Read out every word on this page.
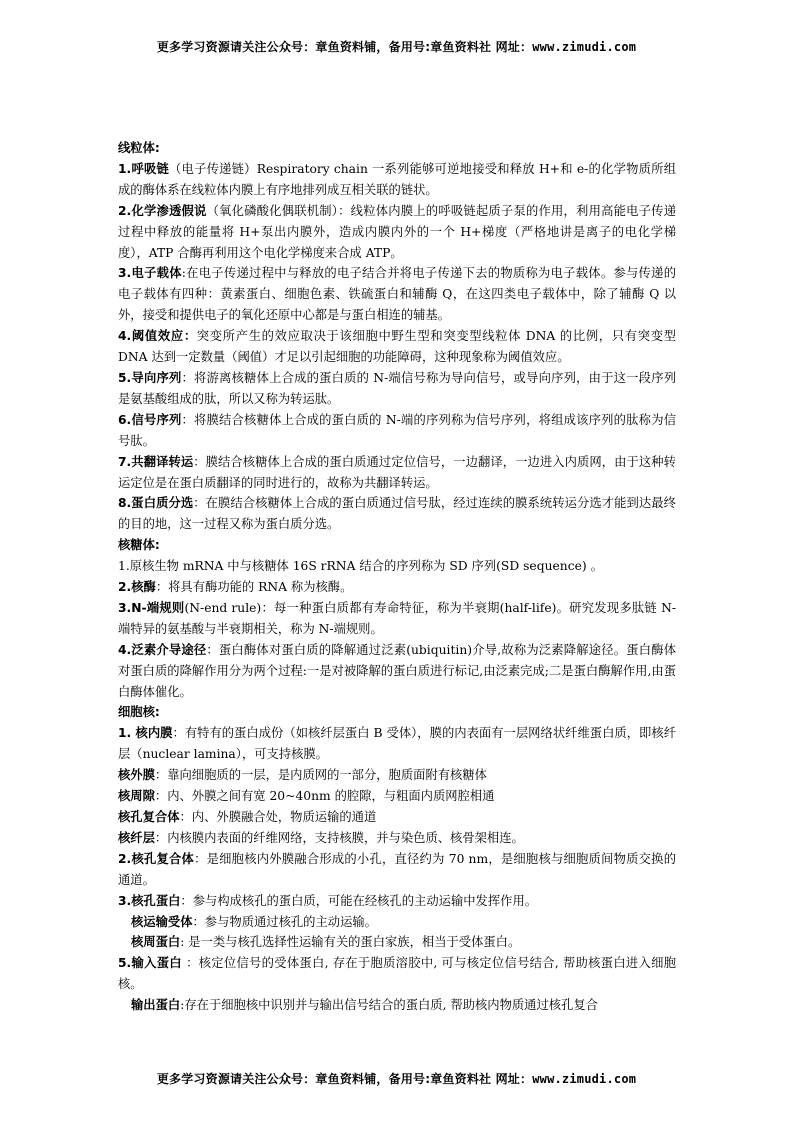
更多学习资源请关注公众号：章鱼资料铺，备用号:章鱼资料社 网址：www.zimudi.com

线粒体:

1.呼吸链（电子传递链）Respiratory chain 一系列能够可逆地接受和释放 H+和 e-的化学物质所组成的酶体系在线粒体内膜上有序地排列成互相关联的链状。

2.化学渗透假说（氧化磷酸化偶联机制）：线粒体内膜上的呼吸链起质子泵的作用，利用高能电子传递过程中释放的能量将 H+泵出内膜外，造成内膜内外的一个 H+梯度（严格地讲是离子的电化学梯度），ATP 合酶再利用这个电化学梯度来合成 ATP。

3.电子载体:在电子传递过程中与释放的电子结合并将电子传递下去的物质称为电子载体。参与传递的电子载体有四种：黄素蛋白、细胞色素、铁硫蛋白和辅酶 Q，在这四类电子载体中，除了辅酶 Q 以外，接受和提供电子的氧化还原中心都是与蛋白相连的辅基。

4.阈值效应：突变所产生的效应取决于该细胞中野生型和突变型线粒体 DNA 的比例，只有突变型 DNA 达到一定数量（阈值）才足以引起细胞的功能障碍，这种现象称为阈值效应。

5.导向序列：将游离核糖体上合成的蛋白质的 N-端信号称为导向信号，或导向序列，由于这一段序列是氨基酸组成的肽，所以又称为转运肽。

6.信号序列：将膜结合核糖体上合成的蛋白质的 N-端的序列称为信号序列，将组成该序列的肽称为信号肽。

7.共翻译转运：膜结合核糖体上合成的蛋白质通过定位信号，一边翻译，一边进入内质网，由于这种转运定位是在蛋白质翻译的同时进行的，故称为共翻译转运。

8.蛋白质分选：在膜结合核糖体上合成的蛋白质通过信号肽，经过连续的膜系统转运分选才能到达最终的目的地，这一过程又称为蛋白质分选。

核糖体:

1.原核生物 mRNA 中与核糖体 16S rRNA 结合的序列称为 SD 序列(SD sequence) 。

2.核酶：将具有酶功能的 RNA 称为核酶。

3.N-端规则(N-end rule)：每一种蛋白质都有寿命特征，称为半衰期(half-life)。研究发现多肽链 N-端特异的氨基酸与半衰期相关，称为 N-端规则。

4.泛素介导途径：蛋白酶体对蛋白质的降解通过泛素(ubiquitin)介导,故称为泛素降解途径。蛋白酶体对蛋白质的降解作用分为两个过程:一是对被降解的蛋白质进行标记,由泛素完成;二是蛋白酶解作用,由蛋白酶体催化。

细胞核:

1. 核内膜：有特有的蛋白成份（如核纤层蛋白 B 受体），膜的内表面有一层网络状纤维蛋白质，即核纤层（nuclear lamina），可支持核膜。

核外膜：靠向细胞质的一层，是内质网的一部分，胞质面附有核糖体

核周隙：内、外膜之间有宽 20~40nm 的腔隙，与粗面内质网腔相通

核孔复合体：内、外膜融合处，物质运输的通道

核纤层：内核膜内表面的纤维网络，支持核膜，并与染色质、核骨架相连。

2.核孔复合体：是细胞核内外膜融合形成的小孔，直径约为 70 nm，是细胞核与细胞质间物质交换的通道。

3.核孔蛋白：参与构成核孔的蛋白质，可能在经核孔的主动运输中发挥作用。

核运输受体：参与物质通过核孔的主动运输。

核周蛋白: 是一类与核孔选择性运输有关的蛋白家族，相当于受体蛋白。

5.输入蛋白 ：核定位信号的受体蛋白, 存在于胞质溶胶中, 可与核定位信号结合, 帮助核蛋白进入细胞核。

输出蛋白:存在于细胞核中识别并与输出信号结合的蛋白质, 帮助核内物质通过核孔复合

更多学习资源请关注公众号：章鱼资料铺，备用号:章鱼资料社 网址：www.zimudi.com
